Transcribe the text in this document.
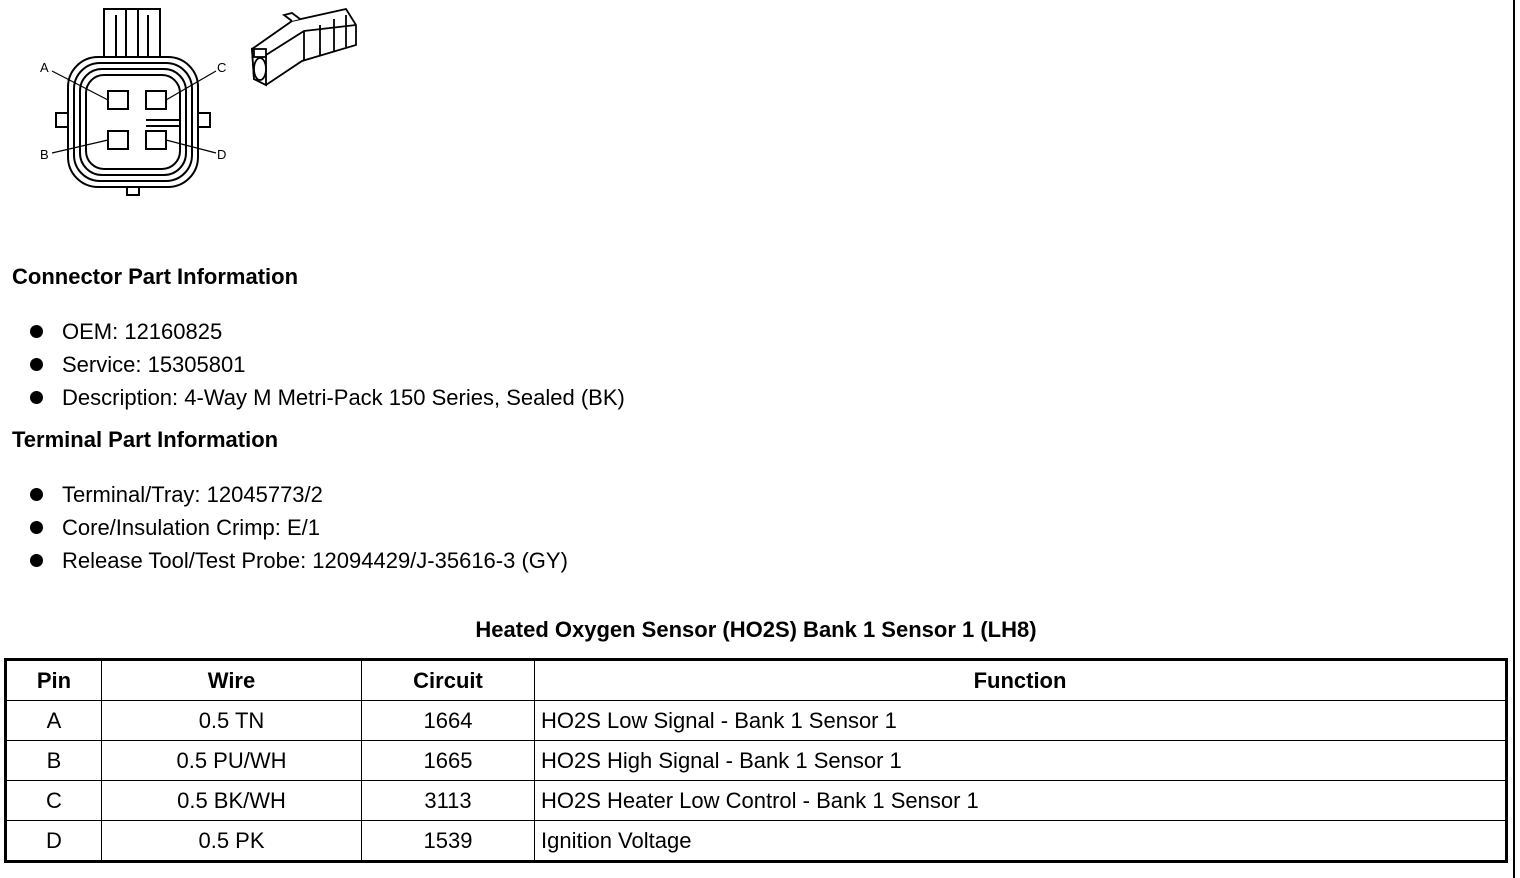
A	C
B	D
Connector Part Information
OEM: 12160825
Service: 15305801
Description: 4-Way M Metri-Pack 150 Series, Sealed (BK)
Terminal Part Information
Terminal/Tray: 12045773/2
Core/Insulation Crimp: E/1
Release Tool/Test Probe: 12094429/J-35616-3 (GY)
Heated Oxygen Sensor (HO2S) Bank 1 Sensor 1 (LH8)
Pin	Wire	Circuit	Function
A	0.5 TN	1664	HO2S Low Signal - Bank 1 Sensor 1
B	0.5 PU/WH	1665	HO2S High Signal - Bank 1 Sensor 1
C	0.5 BK/WH	3113	HO2S Heater Low Control - Bank 1 Sensor 1
D	0.5 PK	1539	Ignition Voltage
